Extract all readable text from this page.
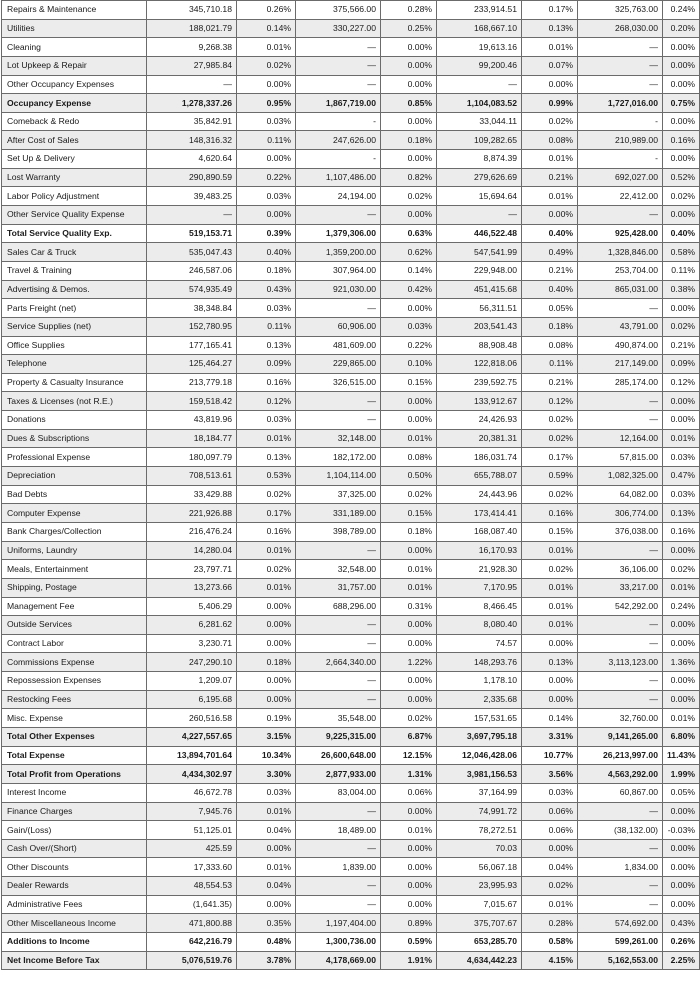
Repairs & Maintenance	345,710.18	0.26%	375,566.00	0.28%	233,914.51	0.17%	325,763.00	0.24%
Utilities	188,021.79	0.14%	330,227.00	0.25%	168,667.10	0.13%	268,030.00	0.20%
Cleaning	9,268.38	0.01%	—	0.00%	19,613.16	0.01%	—	0.00%
Lot Upkeep & Repair	27,985.84	0.02%	—	0.00%	99,200.46	0.07%	—	0.00%
Other Occupancy Expenses	—	0.00%	—	0.00%	—	0.00%	—	0.00%
Occupancy Expense	1,278,337.26	0.95%	1,867,719.00	0.85%	1,104,083.52	0.99%	1,727,016.00	0.75%
Comeback & Redo	35,842.91	0.03%	-	0.00%	33,044.11	0.02%	-	0.00%
After Cost of Sales	148,316.32	0.11%	247,626.00	0.18%	109,282.65	0.08%	210,989.00	0.16%
Set Up & Delivery	4,620.64	0.00%	-	0.00%	8,874.39	0.01%	-	0.00%
Lost Warranty	290,890.59	0.22%	1,107,486.00	0.82%	279,626.69	0.21%	692,027.00	0.52%
Labor Policy Adjustment	39,483.25	0.03%	24,194.00	0.02%	15,694.64	0.01%	22,412.00	0.02%
Other Service Quality Expense	—	0.00%	—	0.00%	—	0.00%	—	0.00%
Total Service Quality Exp.	519,153.71	0.39%	1,379,306.00	0.63%	446,522.48	0.40%	925,428.00	0.40%
Sales Car & Truck	535,047.43	0.40%	1,359,200.00	0.62%	547,541.99	0.49%	1,328,846.00	0.58%
Travel & Training	246,587.06	0.18%	307,964.00	0.14%	229,948.00	0.21%	253,704.00	0.11%
Advertising & Demos.	574,935.49	0.43%	921,030.00	0.42%	451,415.68	0.40%	865,031.00	0.38%
Parts Freight (net)	38,348.84	0.03%	—	0.00%	56,311.51	0.05%	—	0.00%
Service Supplies (net)	152,780.95	0.11%	60,906.00	0.03%	203,541.43	0.18%	43,791.00	0.02%
Office Supplies	177,165.41	0.13%	481,609.00	0.22%	88,908.48	0.08%	490,874.00	0.21%
Telephone	125,464.27	0.09%	229,865.00	0.10%	122,818.06	0.11%	217,149.00	0.09%
Property & Casualty Insurance	213,779.18	0.16%	326,515.00	0.15%	239,592.75	0.21%	285,174.00	0.12%
Taxes & Licenses (not R.E.)	159,518.42	0.12%	—	0.00%	133,912.67	0.12%	—	0.00%
Donations	43,819.96	0.03%	—	0.00%	24,426.93	0.02%	—	0.00%
Dues & Subscriptions	18,184.77	0.01%	32,148.00	0.01%	20,381.31	0.02%	12,164.00	0.01%
Professional Expense	180,097.79	0.13%	182,172.00	0.08%	186,031.74	0.17%	57,815.00	0.03%
Depreciation	708,513.61	0.53%	1,104,114.00	0.50%	655,788.07	0.59%	1,082,325.00	0.47%
Bad Debts	33,429.88	0.02%	37,325.00	0.02%	24,443.96	0.02%	64,082.00	0.03%
Computer Expense	221,926.88	0.17%	331,189.00	0.15%	173,414.41	0.16%	306,774.00	0.13%
Bank Charges/Collection	216,476.24	0.16%	398,789.00	0.18%	168,087.40	0.15%	376,038.00	0.16%
Uniforms, Laundry	14,280.04	0.01%	—	0.00%	16,170.93	0.01%	—	0.00%
Meals, Entertainment	23,797.71	0.02%	32,548.00	0.01%	21,928.30	0.02%	36,106.00	0.02%
Shipping, Postage	13,273.66	0.01%	31,757.00	0.01%	7,170.95	0.01%	33,217.00	0.01%
Management Fee	5,406.29	0.00%	688,296.00	0.31%	8,466.45	0.01%	542,292.00	0.24%
Outside Services	6,281.62	0.00%	—	0.00%	8,080.40	0.01%	—	0.00%
Contract Labor	3,230.71	0.00%	—	0.00%	74.57	0.00%	—	0.00%
Commissions Expense	247,290.10	0.18%	2,664,340.00	1.22%	148,293.76	0.13%	3,113,123.00	1.36%
Repossession Expenses	1,209.07	0.00%	—	0.00%	1,178.10	0.00%	—	0.00%
Restocking Fees	6,195.68	0.00%	—	0.00%	2,335.68	0.00%	—	0.00%
Misc. Expense	260,516.58	0.19%	35,548.00	0.02%	157,531.65	0.14%	32,760.00	0.01%
Total Other Expenses	4,227,557.65	3.15%	9,225,315.00	6.87%	3,697,795.18	3.31%	9,141,265.00	6.80%
Total Expense	13,894,701.64	10.34%	26,600,648.00	12.15%	12,046,428.06	10.77%	26,213,997.00	11.43%
Total Profit from Operations	4,434,302.97	3.30%	2,877,933.00	1.31%	3,981,156.53	3.56%	4,563,292.00	1.99%
Interest Income	46,672.78	0.03%	83,004.00	0.06%	37,164.99	0.03%	60,867.00	0.05%
Finance Charges	7,945.76	0.01%	—	0.00%	74,991.72	0.06%	—	0.00%
Gain/(Loss)	51,125.01	0.04%	18,489.00	0.01%	78,272.51	0.06%	(38,132.00)	-0.03%
Cash Over/(Short)	425.59	0.00%	—	0.00%	70.03	0.00%	—	0.00%
Other Discounts	17,333.60	0.01%	1,839.00	0.00%	56,067.18	0.04%	1,834.00	0.00%
Dealer Rewards	48,554.53	0.04%	—	0.00%	23,995.93	0.02%	—	0.00%
Administrative Fees	(1,641.35)	0.00%	—	0.00%	7,015.67	0.01%	—	0.00%
Other Miscellaneous Income	471,800.88	0.35%	1,197,404.00	0.89%	375,707.67	0.28%	574,692.00	0.43%
Additions to Income	642,216.79	0.48%	1,300,736.00	0.59%	653,285.70	0.58%	599,261.00	0.26%
Net Income Before Tax	5,076,519.76	3.78%	4,178,669.00	1.91%	4,634,442.23	4.15%	5,162,553.00	2.25%
